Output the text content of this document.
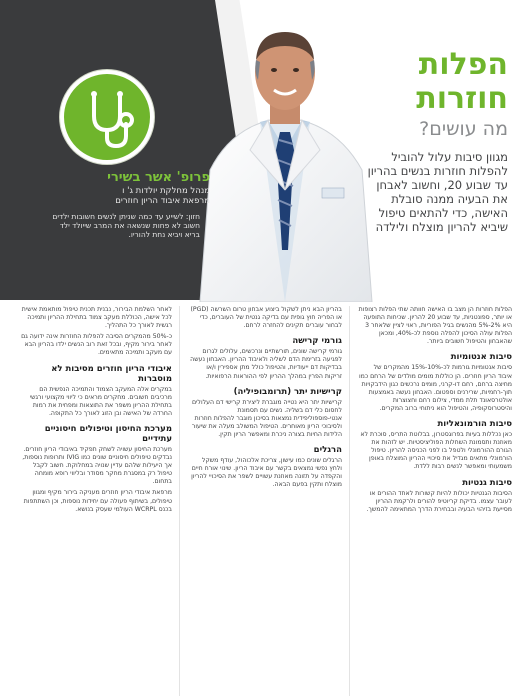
פרופ' אשר בשירי
מנהל מחלקת יולדות ג' ו
מרפאת איבוד הריון חוזרים
חזון: לשייע עד כמה שניתן לנשים חשובות ילדים חשוב לא פחות שנשאה את המרב שייולד ילד בריא ויביא נחת להוריו.
הפלות
חוזרות
מה עושים?
מגוון סיבות עלול להוביל להפלות חוזרות בנשים בהריון עד שבוע 20, וחשוב לאבחן את הבעיה ממנה סובלת האישה, כדי להתאים טיפול שיביא להריון מוצלח ולילדה

הפלות חוזרות הן מצב בו האישה חוותה שתי הפלות רצופות או יותר, ספונטניות, עד שבוע 20 להריון. שכיחות התופעה היא 2%-5% מהנשים בגיל הפוריות, ראוי לציין שלאחר 3 הפלות עולה הסיכון להפלה נוספת לכ-40%, ומכאן שהאבחון והטיפול חשובים ביותר.

סיבות אנטומיות

סיבות אנטומיות גורמות לכ-10%-15% מהמקרים של איבוד הריון חוזרים. הן כוללות מומים מולדים של הרחם כמו מחיצה ברחם, רחם דו-קרני, מומים נרכשים כגון הידבקויות תוך-רחמיות, שרירנים וספטום. האבחון נעשה באמצעות אולטרסאונד תלת ממדי, צילום רחם וחצוצרות והיסטרוסקופיה, והטיפול הוא ניתוחי ברוב המקרים.

סיבות הורמונאליות

כאן נכללות בעיות בפרוגסטרון, בבלוטת התריס, סוכרת לא מאוזנת ותסמונת השחלות הפוליציסטיות. יש לזהות את הגורם ההורמונלי ולטפל בו לפני הכניסה להריון. טיפול הורמונלי מתאים מגדיל את סיכויי ההריון המוצלח באופן משמעותי ומאפשר לנשים רבות ללדת.

סיבות גנטיות

הסיבות הגנטיות יכולות להיות קשורות לאחד ההורים או לעובר עצמו. בדיקת קריוטיפ להורים ולרקמת ההריון מסייעת בזיהוי הבעיה ובבחירת הדרך המתאימה להמשך.

בהריון הבא ניתן לשקול ביצוע אבחון טרום השרשה (PGD) או הפריה חוץ גופית עם בדיקה גנטית של העוברים, כדי לבחור עוברים תקינים להחזרה לרחם.

גורמי קרישה

גורמי קרישה שונים, תורשתיים ונרכשים, עלולים לגרום לפגיעה בזרימת הדם לשליה ולאיבוד ההריון. האבחון נעשה בבדיקות דם ייעודיות, והטיפול כולל מתן אספירין ו/או זריקות הפרין במהלך ההריון לפי ההוראות הרפואיות.

קרישיות יתר (תרומבופיליה)

קרישיות יתר היא נטייה מוגברת ליצירת קרישי דם העלולים לחסום כלי דם בשליה. נשים עם תסמונת אנטי-פוספוליפידית נמצאות בסיכון מוגבר להפלות חוזרות ולסיבוכי הריון מאוחרים. הטיפול המשולב מעלה את שיעור הלידות החיות בצורה ניכרת ומאפשר הריון תקין.

הרגלים

הרגלים שונים כמו עישון, צריכת אלכוהול, עודף משקל ולחץ נפשי נמצאים בקשר עם איבוד הריון. שינוי אורח חיים והקפדה על תזונה מאוזנת עשויים לשפר את הסיכויי להריון מוצלח ותקין בפעם הבאה.

לאחר השלמת הבירור, נבנית תכנית טיפול מותאמת אישית לכל אישה, הכוללת מעקב צמוד בתחילת ההריון ותמיכה רגשית לאורך כל התהליך.

כ-50% מהמקרים הסיבה להפלות החוזרות אינה ידועה גם לאחר בירור מקיף, ובכל זאת רוב הנשים ילדו בהריון הבא עם מעקב ותמיכה מתאימים.

איבודי הריון חוזרים מסיבות לא מוסברות

במקרים אלה המעקב הצמוד והתמיכה הנפשית הם מרכיבים חשובים. מחקרים מראים כי ליווי מקצועי ורגשי בתחילת ההריון משפר את התוצאות ומפחית את רמות החרדה של האישה ובן הזוג לאורך כל התקופה.

מערכת החיסון וטיפולים חיסוניים עתידיים

מערכת החיסון עשויה לשחק תפקיד באיבודי הריון חוזרים. נבדקים טיפולים חיסוניים שונים כמו IVIG ותרופות נוספות, אך היעילות שלהם עדיין שנויה במחלוקת. חשוב לקבל טיפול רק במסגרת מחקר מסודר ובליווי רופא מומחה בתחום.

מרפאת איבודי הריון חוזרים מעניקה בירור מקיף ומגוון טיפולים, בשיתוף פעולה עם יחידות נוספות, וכן השתתפות בכנס WCRPL העולמי שעסק בנושא.
